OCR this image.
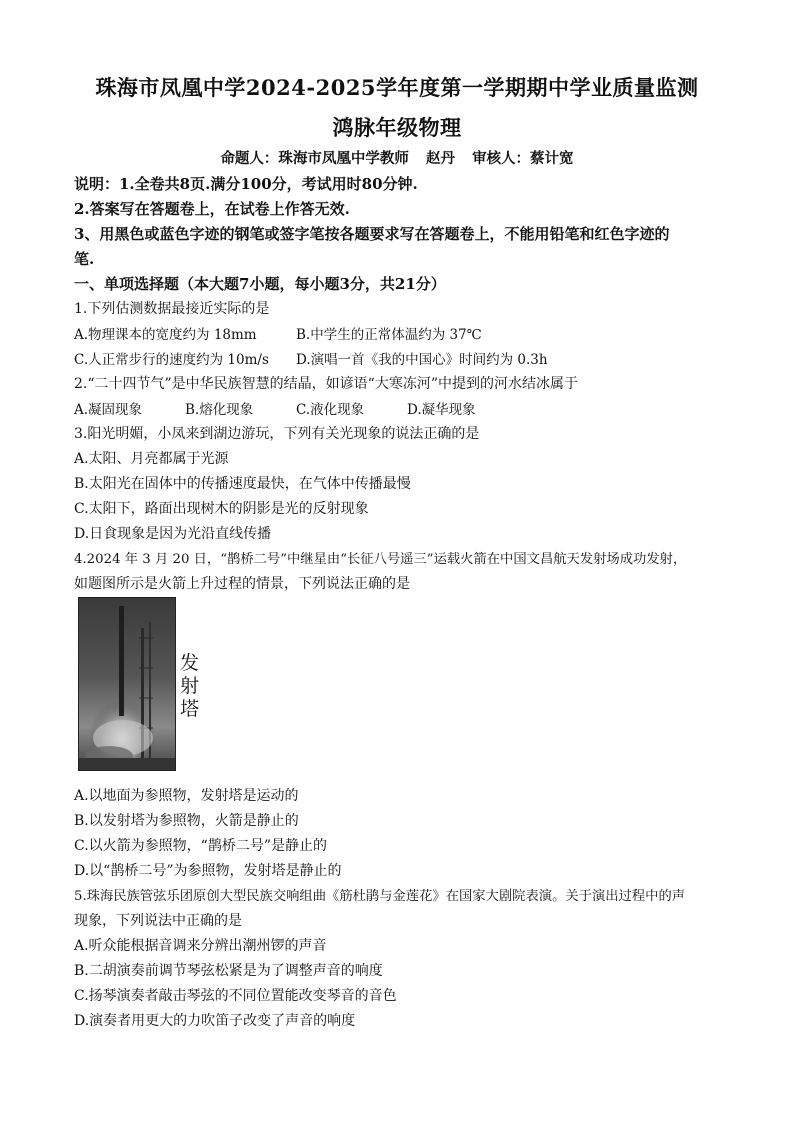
珠海市凤凰中学2024-2025学年度第一学期期中学业质量监测
鸿脉年级物理
命题人：珠海市凤凰中学教师 赵丹 审核人：蔡计宽
说明：1.全卷共8页.满分100分，考试用时80分钟.
2.答案写在答题卷上，在试卷上作答无效.
3、用黑色或蓝色字迹的钢笔或签字笔按各题要求写在答题卷上，不能用铅笔和红色字迹的
笔.
一、单项选择题（本大题7小题，每小题3分，共21分）
1.下列估测数据最接近实际的是
A.物理课本的宽度约为 18mm	B.中学生的正常体温约为 37℃
C.人正常步行的速度约为 10m/s D.演唱一首《我的中国心》时间约为 0.3h
2.“二十四节气”是中华民族智慧的结晶，如谚语“大寒冻河”中提到的河水结冰属于
A.凝固现象	B.熔化现象	C.液化现象	D.凝华现象
3.阳光明媚，小凤来到湖边游玩，下列有关光现象的说法正确的是
A.太阳、月亮都属于光源
B.太阳光在固体中的传播速度最快，在气体中传播最慢
C.太阳下，路面出现树木的阴影是光的反射现象
D.日食现象是因为光沿直线传播
4.2024 年 3 月 20 日，“鹊桥二号”中继星由“长征八号遥三”运载火箭在中国文昌航天发射场成功发射，
如题图所示是火箭上升过程的情景，下列说法正确的是
发
射
塔
A.以地面为参照物，发射塔是运动的
B.以发射塔为参照物，火箭是静止的
C.以火箭为参照物，“鹊桥二号”是静止的
D.以“鹊桥二号”为参照物，发射塔是静止的
5.珠海民族管弦乐团原创大型民族交响组曲《筋杜鹃与金莲花》在国家大剧院表演。关于演出过程中的声
现象，下列说法中正确的是
A.听众能根据音调来分辨出潮州锣的声音
B.二胡演奏前调节琴弦松紧是为了调整声音的响度
C.扬琴演奏者敲击琴弦的不同位置能改变琴音的音色
D.演奏者用更大的力吹笛子改变了声音的响度
